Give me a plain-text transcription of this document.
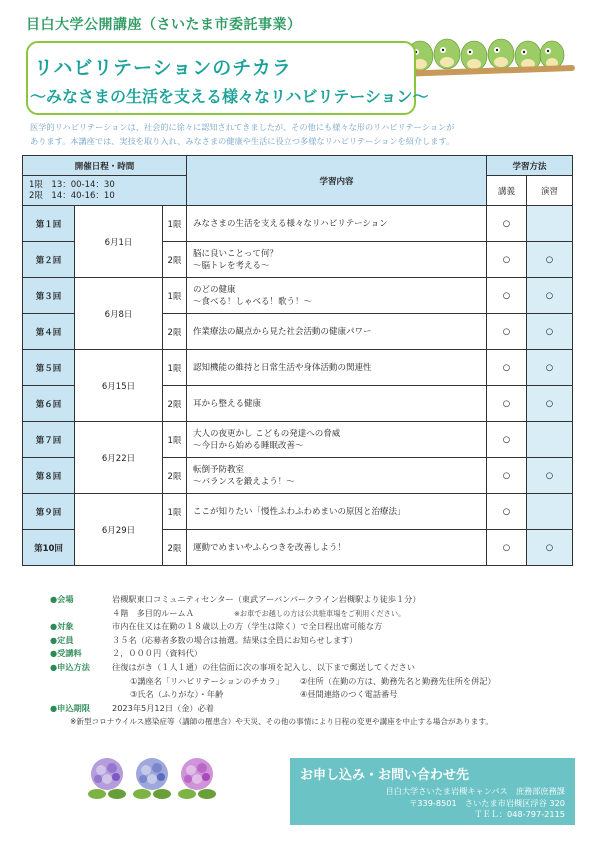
目白大学公開講座（さいたま市委託事業）
リハビリテーションのチカラ
〜みなさまの生活を支える様々なリハビリテーション〜
医学的リハビリテーションは、社会的に徐々に認知されてきましたが、その他にも様々な形のリハビリテーションが
あります。本講座では、実技を取り入れ、みなさまの健康や生活に役立つ多様なリハビリテーションを紹介します。
開催日程・時間			学習内容	学習方法	

1限　13：00-14：30
2限　14：40-16：10				講義	演習
第１回	6月1日	1限	みなさまの生活を支える様々なリハビリテーション	○	
第２回		2限	脳に良いことって何？
〜脳トレを考える〜	○	○
第３回	6月8日	1限	のどの健康
〜食べる！しゃべる！歌う！〜	○	○
第４回		2限	作業療法の観点から見た社会活動の健康パワー	○	○
第５回	6月15日	1限	認知機能の維持と日常生活や身体活動の関連性	○	○
第６回		2限	耳から整える健康	○	○
第７回	6月22日	1限	大人の夜更かし こどもの発達への脅威
〜今日から始める睡眠改善〜	○	
第８回		2限	転倒予防教室
〜バランスを鍛えよう！〜	○	○
第９回	6月29日	1限	ここが知りたい「慢性ふわふわめまいの原因と治療法」	○	
第10回		2限	運動でめまいやふらつきを改善しよう！	○	○
●会場	岩槻駅東口コミュニティセンター（東武アーバンパークライン岩槻駅より徒歩１分）
４階　多目的ルームＡ	※お車でお越しの方は公共駐車場をご利用ください。
●対象	市内在住又は在勤の１８歳以上の方（学生は除く）で全日程出席可能な方
●定員	３５名（応募者多数の場合は抽選。結果は全員にお知らせします）
●受講料	２，０００円（資料代）
●申込方法	往復はがき（１人１通）の往信面に次の事項を記入し、以下まで郵送してください
①講座名「リハビリテーションのチカラ」	②住所（在勤の方は、勤務先名と勤務先住所を併記）
③氏名（ふりがな）・年齢	④昼間連絡のつく電話番号
●申込期限	2023年5月12日（金）必着
※新型コロナウイルス感染症等（講師の罹患含）や天災、その他の事情により日程の変更や講座を中止する場合があります。
お申し込み・お問い合わせ先
目白大学さいたま岩槻キャンパス　庶務部庶務課
〒339-8501　さいたま市岩槻区浮谷 320
ＴＥＬ：048-797-2115
